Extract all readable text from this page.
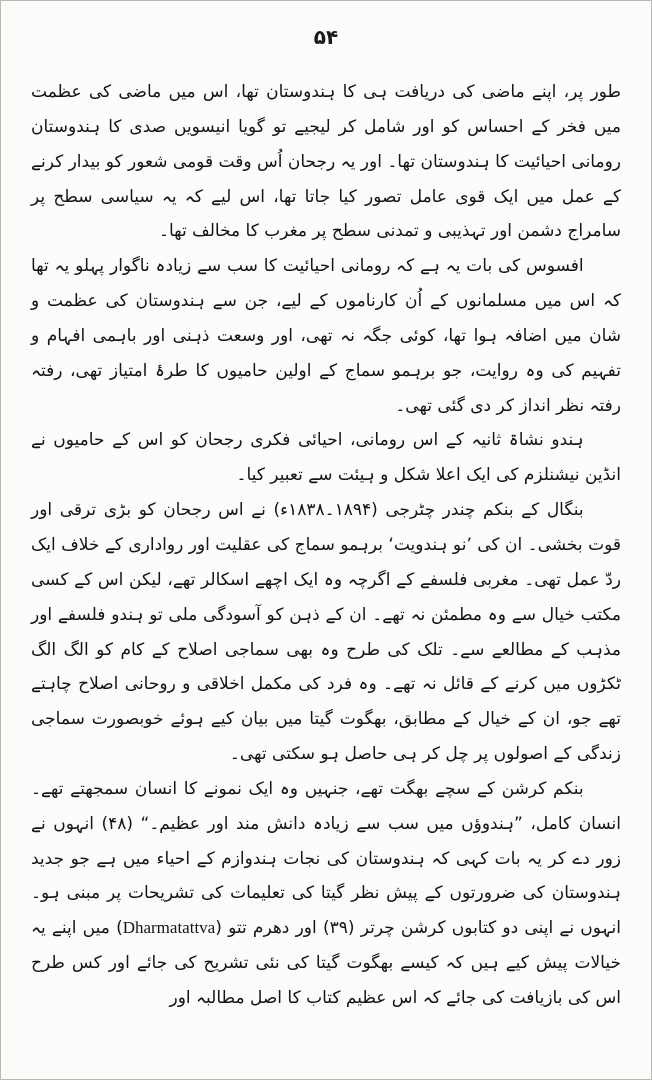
۵۴

طور پر، اپنے ماضی کی دریافت ہی کا ہندوستان تھا، اس میں ماضی کی عظمت میں فخر کے احساس کو اور شامل کر لیجیے تو گویا انیسویں صدی کا ہندوستان رومانی احیائیت کا ہندوستان تھا۔ اور یہ رجحان اُس وقت قومی شعور کو بیدار کرنے کے عمل میں ایک قوی عامل تصور کیا جاتا تھا، اس لیے کہ یہ سیاسی سطح پر سامراج دشمن اور تہذیبی و تمدنی سطح پر مغرب کا مخالف تھا۔

افسوس کی بات یہ ہے کہ رومانی احیائیت کا سب سے زیادہ ناگوار پہلو یہ تھا کہ اس میں مسلمانوں کے اُن کارناموں کے لیے، جن سے ہندوستان کی عظمت و شان میں اضافہ ہوا تھا، کوئی جگہ نہ تھی، اور وسعت ذہنی اور باہمی افہام و تفہیم کی وہ روایت، جو برہمو سماج کے اولین حامیوں کا طرۂ امتیاز تھی، رفتہ رفتہ نظر انداز کر دی گئی تھی۔

ہندو نشاۃ ثانیہ کے اس رومانی، احیائی فکری رجحان کو اس کے حامیوں نے انڈین نیشنلزم کی ایک اعلا شکل و ہیئت سے تعبیر کیا۔

بنگال کے بنکم چندر چٹرجی (۱۸۹۴۔۱۸۳۸ء) نے اس رجحان کو بڑی ترقی اور قوت بخشی۔ ان کی ’نو ہندویت‘ برہمو سماج کی عقلیت اور رواداری کے خلاف ایک ردّ عمل تھی۔ مغربی فلسفے کے اگرچہ وہ ایک اچھے اسکالر تھے، لیکن اس کے کسی مکتب خیال سے وہ مطمئن نہ تھے۔ ان کے ذہن کو آسودگی ملی تو ہندو فلسفے اور مذہب کے مطالعے سے۔ تلک کی طرح وہ بھی سماجی اصلاح کے کام کو الگ الگ ٹکڑوں میں کرنے کے قائل نہ تھے۔ وہ فرد کی مکمل اخلاقی و روحانی اصلاح چاہتے تھے جو، ان کے خیال کے مطابق، بھگوت گیتا میں بیان کیے ہوئے خوبصورت سماجی زندگی کے اصولوں پر چل کر ہی حاصل ہو سکتی تھی۔

بنکم کرشن کے سچے بھگت تھے، جنہیں وہ ایک نمونے کا انسان سمجھتے تھے۔ انسان کامل، ”ہندوؤں میں سب سے زیادہ دانش مند اور عظیم۔“ (۴۸) انہوں نے زور دے کر یہ بات کہی کہ ہندوستان کی نجات ہندوازم کے احیاء میں ہے جو جدید ہندوستان کی ضرورتوں کے پیش نظر گیتا کی تعلیمات کی تشریحات پر مبنی ہو۔ انہوں نے اپنی دو کتابوں کرشن چرتر (۳۹) اور دھرم تتو (Dharmatattva) میں اپنے یہ خیالات پیش کیے ہیں کہ کیسے بھگوت گیتا کی نئی تشریح کی جائے اور کس طرح اس کی بازیافت کی جائے کہ اس عظیم کتاب کا اصل مطالبہ اور
